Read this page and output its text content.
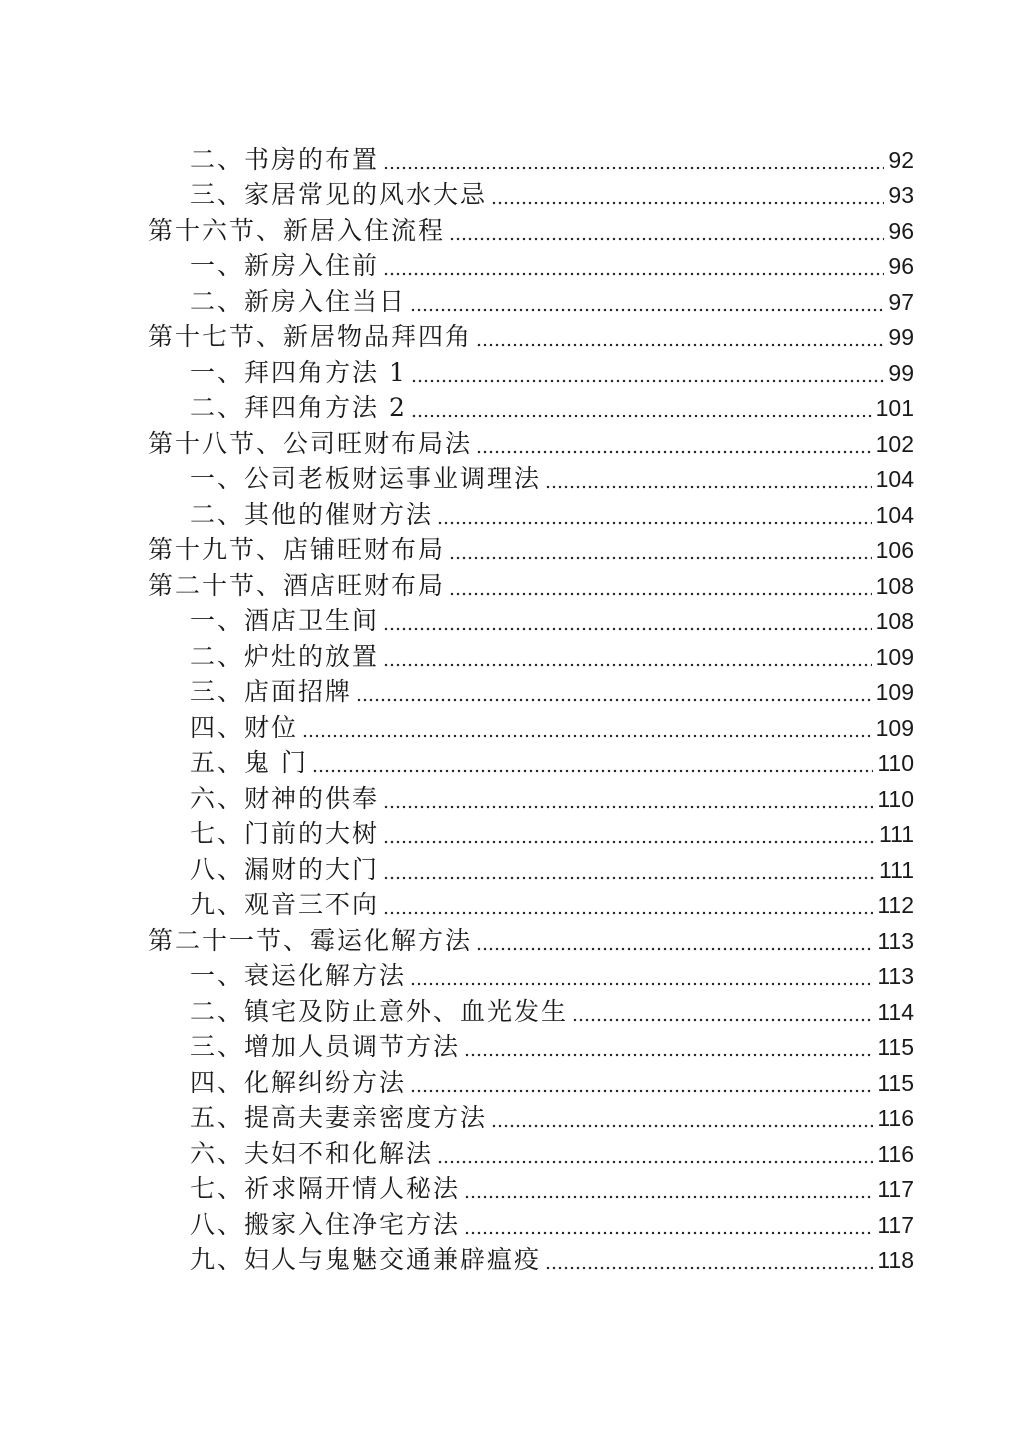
二、书房的布置	92
三、家居常见的风水大忌	93
第十六节、新居入住流程	96
一、新房入住前	96
二、新房入住当日	97
第十七节、新居物品拜四角	99
一、拜四角方法 1	99
二、拜四角方法 2	101
第十八节、公司旺财布局法	102
一、公司老板财运事业调理法	104
二、其他的催财方法	104
第十九节、店铺旺财布局	106
第二十节、酒店旺财布局	108
一、酒店卫生间	108
二、炉灶的放置	109
三、店面招牌	109
四、财位	109
五、鬼 门	110
六、财神的供奉	110
七、门前的大树	111
八、漏财的大门	111
九、观音三不向	112
第二十一节、霉运化解方法	113
一、衰运化解方法	113
二、镇宅及防止意外、血光发生	114
三、增加人员调节方法	115
四、化解纠纷方法	115
五、提高夫妻亲密度方法	116
六、夫妇不和化解法	116
七、祈求隔开情人秘法	117
八、搬家入住净宅方法	117
九、妇人与鬼魅交通兼辟瘟疫	118
